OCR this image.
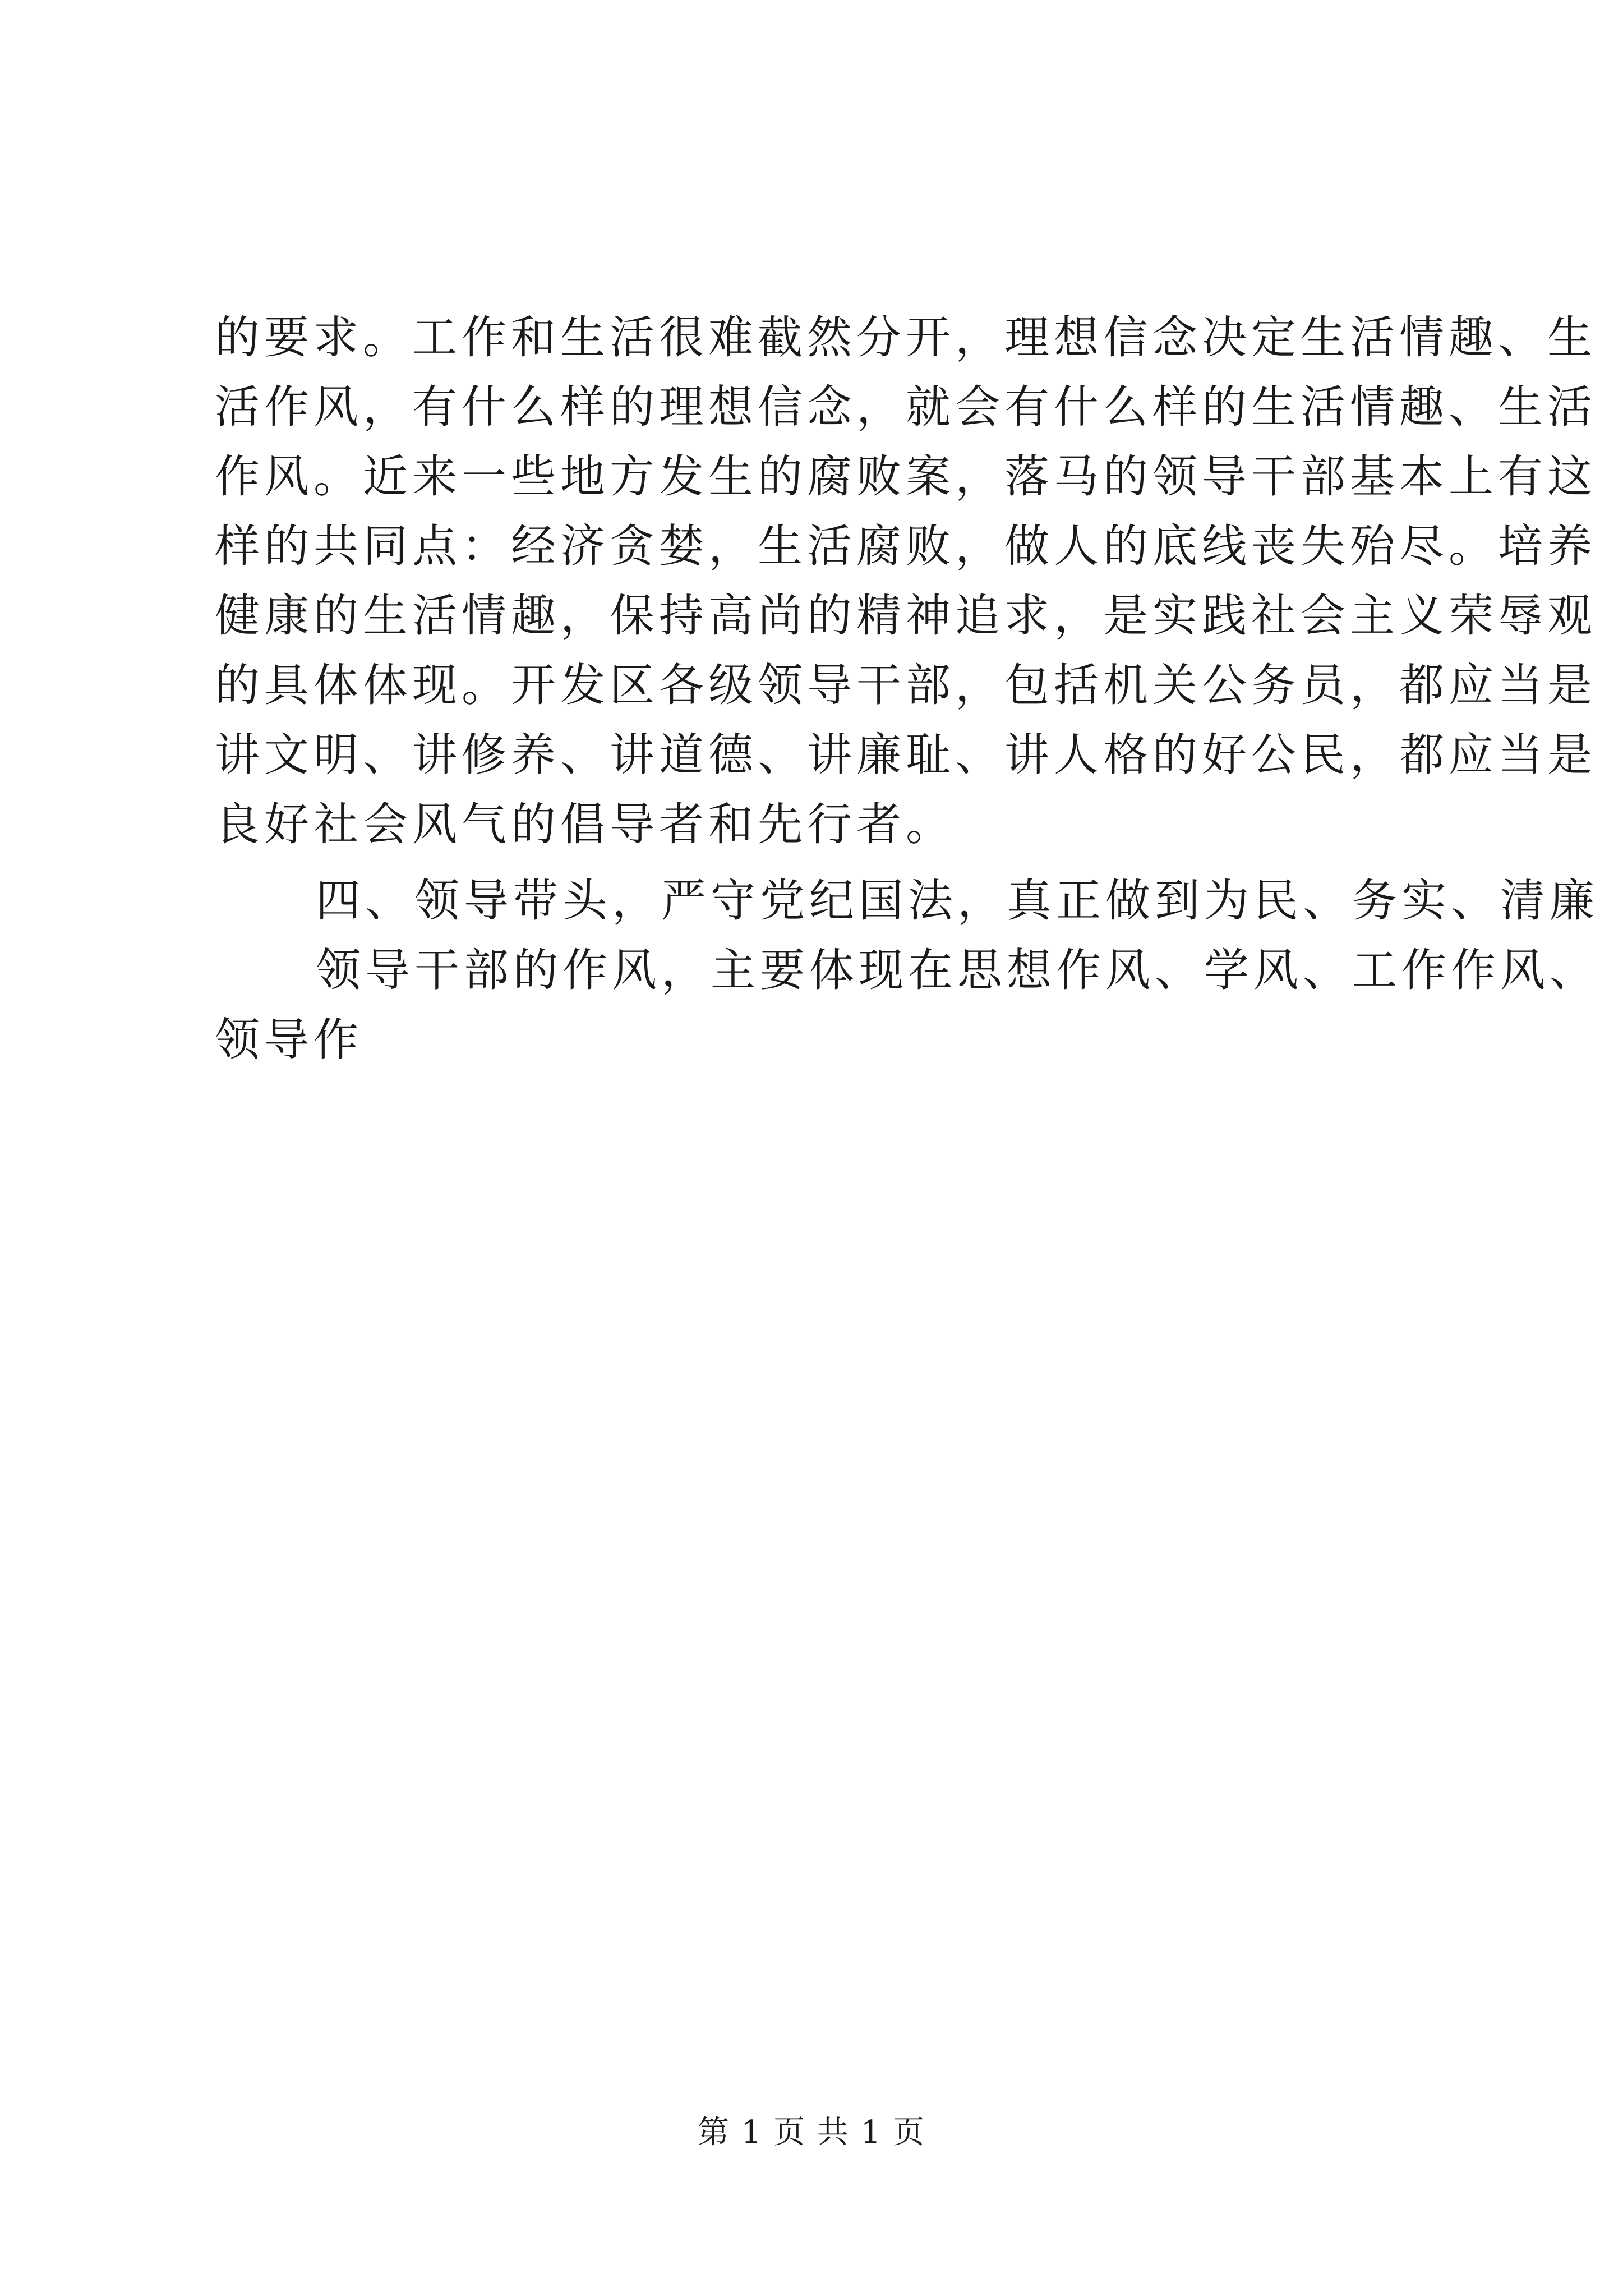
的要求。工作和生活很难截然分开，理想信念决定生活情趣、生
活作风，有什么样的理想信念，就会有什么样的生活情趣、生活
作风。近来一些地方发生的腐败案，落马的领导干部基本上有这
样的共同点：经济贪婪，生活腐败，做人的底线丧失殆尽。培养
健康的生活情趣，保持高尚的精神追求，是实践社会主义荣辱观
的具体体现。开发区各级领导干部，包括机关公务员，都应当是
讲文明、讲修养、讲道德、讲廉耻、讲人格的好公民，都应当是
良好社会风气的倡导者和先行者。
四、领导带头，严守党纪国法，真正做到为民、务实、清廉
领导干部的作风，主要体现在思想作风、学风、工作作风、
领导作
第 1 页 共 1 页
